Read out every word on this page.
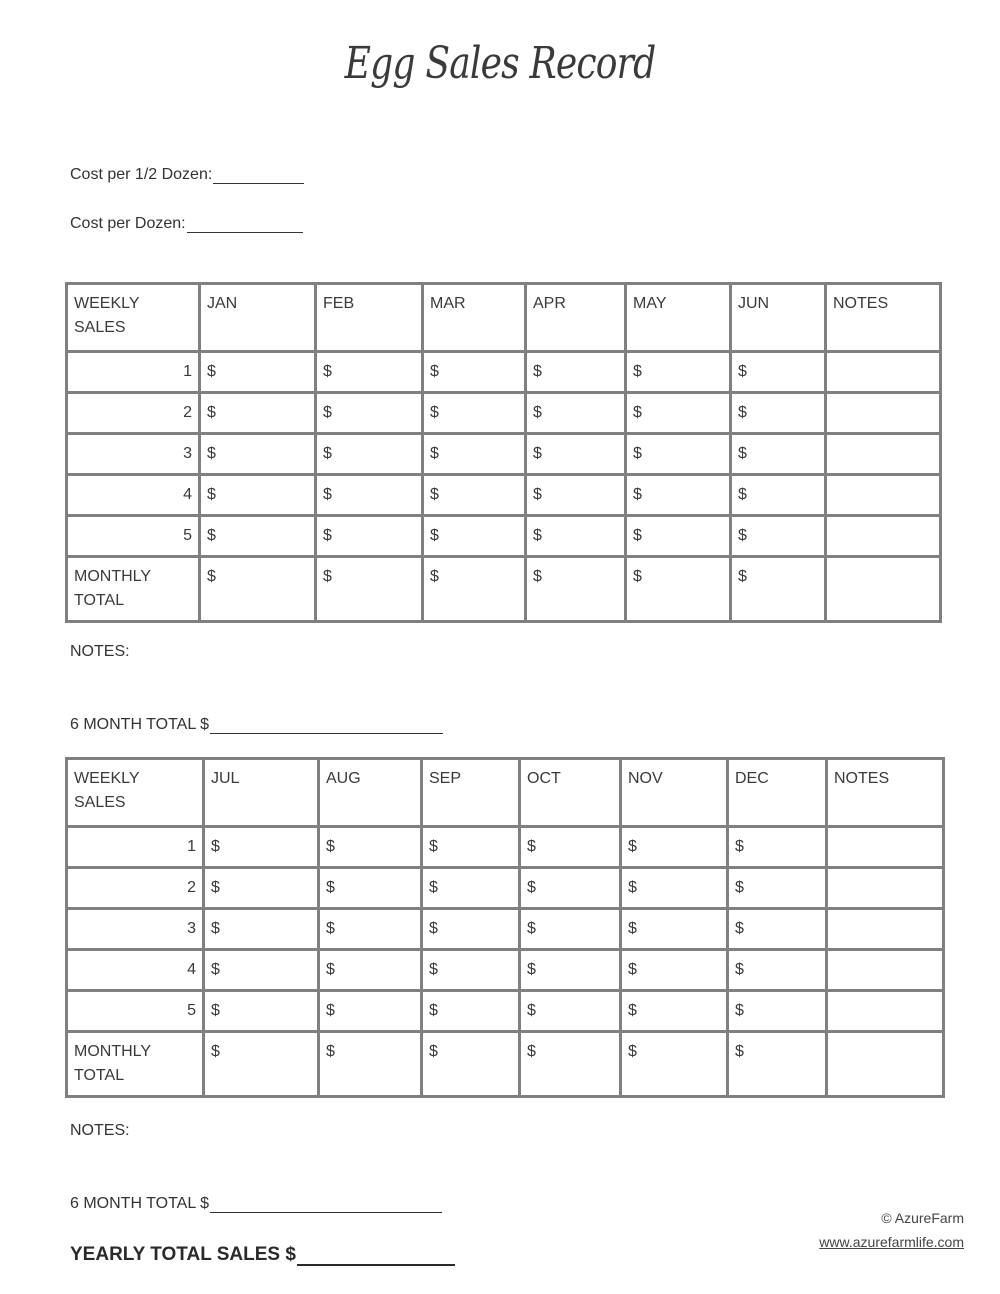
Egg Sales Record
Cost per 1/2 Dozen:
Cost per Dozen:
WEEKLY
SALES	JAN	FEB	MAR	APR	MAY	JUN	NOTES
1	$	$	$	$	$	$	
2	$	$	$	$	$	$	
3	$	$	$	$	$	$	
4	$	$	$	$	$	$	
5	$	$	$	$	$	$	
MONTHLY
TOTAL	$	$	$	$	$	$	
NOTES:
6 MONTH TOTAL $
WEEKLY
SALES	JUL	AUG	SEP	OCT	NOV	DEC	NOTES
1	$	$	$	$	$	$	
2	$	$	$	$	$	$	
3	$	$	$	$	$	$	
4	$	$	$	$	$	$	
5	$	$	$	$	$	$	
MONTHLY
TOTAL	$	$	$	$	$	$	
NOTES:
6 MONTH TOTAL $
YEARLY TOTAL SALES $
© AzureFarm
www.azurefarmlife.com
